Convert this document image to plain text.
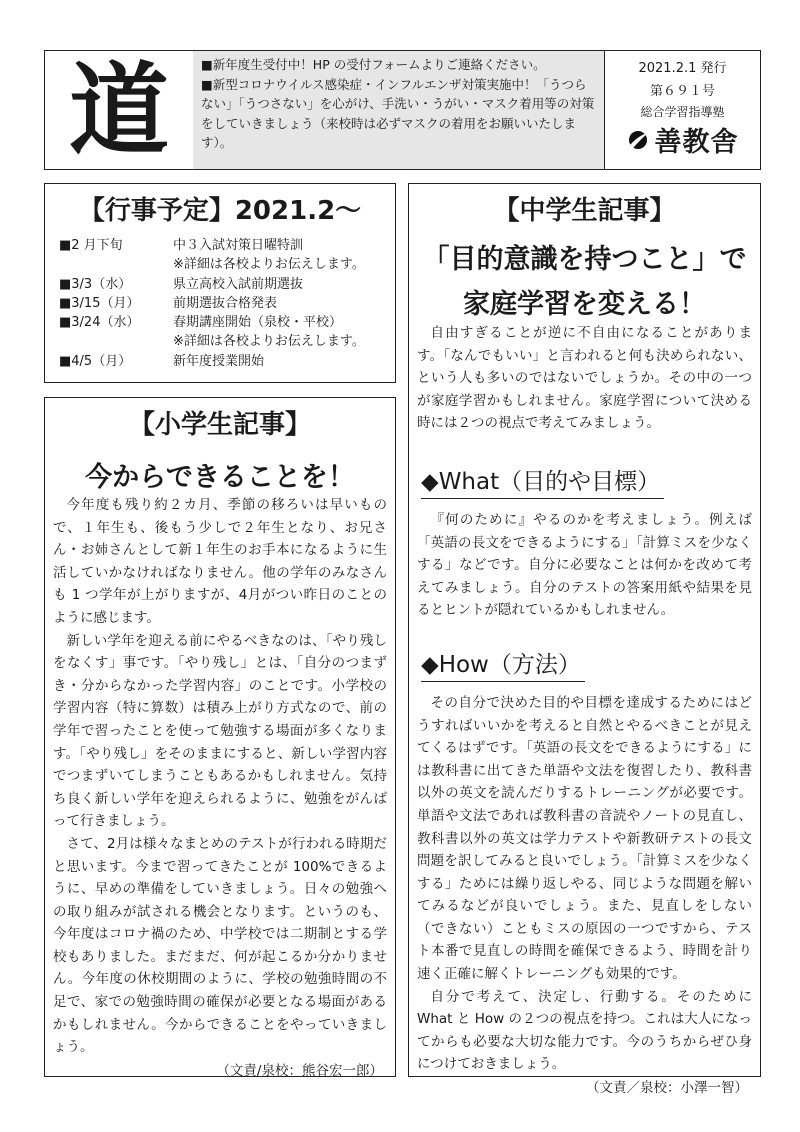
道	■新年度生受付中！HP の受付フォームよりご連絡ください。

■新型コロナウイルス感染症・インフルエンザ対策実施中！「うつらない」「うつさない」を心がけ、手洗い・うがい・マスク着用等の対策をしていきましょう（来校時は必ずマスクの着用をお願いいたします）。

2021.2.1 発行
第６９１号
総合学習指導塾
善教舎
【行事予定】2021.2〜
■2 月下旬	中３入試対策日曜特訓
※詳細は各校よりお伝えします。
■3/3（水）	県立高校入試前期選抜
■3/15（月）	前期選抜合格発表
■3/24（水）	春期講座開始（泉校・平校）
※詳細は各校よりお伝えします。
■4/5（月）	新年度授業開始
【小学生記事】
今からできることを！

今年度も残り約２カ月、季節の移ろいは早いもので、１年生も、後もう少しで２年生となり、お兄さん・お姉さんとして新１年生のお手本になるように生活していかなければなりません。他の学年のみなさんも 1 つ学年が上がりますが、4月がつい昨日のことのように感じます。

新しい学年を迎える前にやるべきなのは、「やり残しをなくす」事です。「やり残し」とは、「自分のつまずき・分からなかった学習内容」のことです。小学校の学習内容（特に算数）は積み上がり方式なので、前の学年で習ったことを使って勉強する場面が多くなります。「やり残し」をそのままにすると、新しい学習内容でつまずいてしまうこともあるかもしれません。気持ち良く新しい学年を迎えられるように、勉強をがんばって行きましょう。

さて、2月は様々なまとめのテストが行われる時期だと思います。今まで習ってきたことが 100%できるように、早めの準備をしていきましょう。日々の勉強への取り組みが試される機会となります。というのも、今年度はコロナ禍のため、中学校では二期制とする学校もありました。まだまだ、何が起こるか分かりません。今年度の休校期間のように、学校の勉強時間の不足で、家での勉強時間の確保が必要となる場面があるかもしれません。今からできることをやっていきましょう。

（文責/泉校：熊谷宏一郎）

【中学生記事】
「目的意識を持つこと」で
家庭学習を変える！

自由すぎることが逆に不自由になることがあります。「なんでもいい」と言われると何も決められない、という人も多いのではないでしょうか。その中の一つが家庭学習かもしれません。家庭学習について決める時には２つの視点で考えてみましょう。

◆What（目的や目標）

『何のために』やるのかを考えましょう。例えば「英語の長文をできるようにする」「計算ミスを少なくする」などです。自分に必要なことは何かを改めて考えてみましょう。自分のテストの答案用紙や結果を見るとヒントが隠れているかもしれません。

◆How（方法）

その自分で決めた目的や目標を達成するためにはどうすればいいかを考えると自然とやるべきことが見えてくるはずです。「英語の長文をできるようにする」には教科書に出てきた単語や文法を復習したり、教科書以外の英文を読んだりするトレーニングが必要です。単語や文法であれば教科書の音読やノートの見直し、教科書以外の英文は学力テストや新教研テストの長文問題を訳してみると良いでしょう。「計算ミスを少なくする」ためには繰り返しやる、同じような問題を解いてみるなどが良いでしょう。また、見直しをしない（できない）こともミスの原因の一つですから、テスト本番で見直しの時間を確保できるよう、時間を計り速く正確に解くトレーニングも効果的です。

自分で考えて、決定し、行動する。そのために What と How の２つの視点を持つ。これは大人になってからも必要な大切な能力です。今のうちからぜひ身につけておきましょう。

（文責／泉校：小澤一智）
